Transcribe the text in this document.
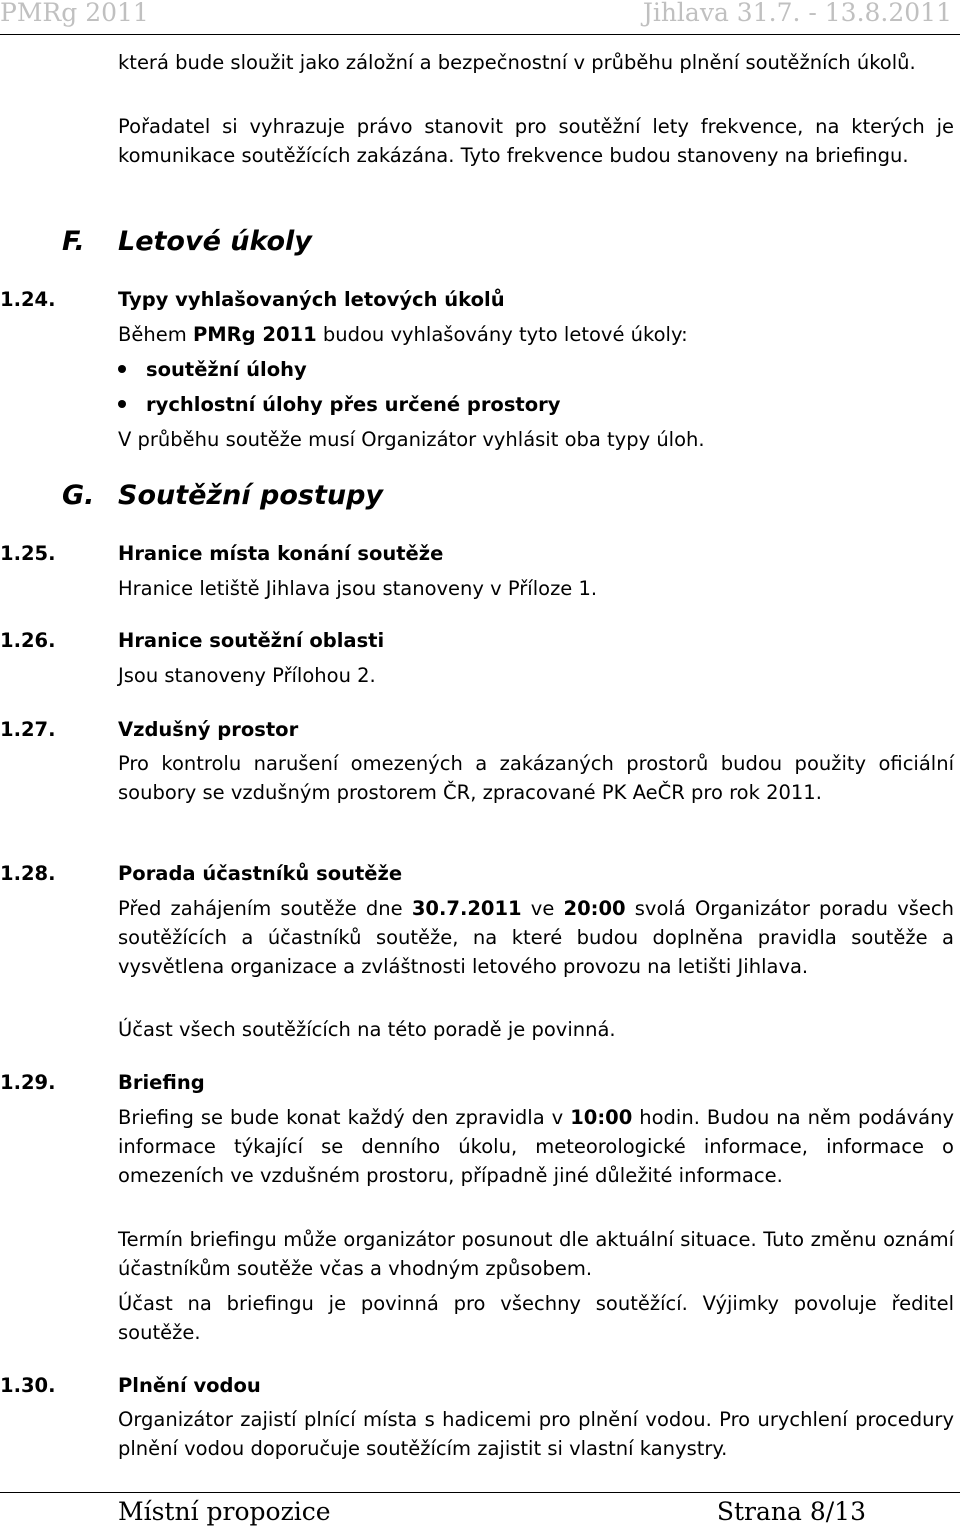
PMRg 2011	Jihlava 31.7. - 13.8.2011
která bude sloužit jako záložní a bezpečnostní v průběhu plnění soutěžních úkolů.
Pořadatel si vyhrazuje právo stanovit pro soutěžní lety frekvence, na kterých je komunikace soutěžících zakázána. Tyto frekvence budou stanoveny na briefingu.
F. Letové úkoly
1.24.	Typy vyhlašovaných letových úkolů
Během PMRg 2011 budou vyhlašovány tyto letové úkoly:
soutěžní úlohy
rychlostní úlohy přes určené prostory
V průběhu soutěže musí Organizátor vyhlásit oba typy úloh.
G. Soutěžní postupy
1.25.	Hranice místa konání soutěže
Hranice letiště Jihlava jsou stanoveny v Příloze 1.
1.26.	Hranice soutěžní oblasti
Jsou stanoveny Přílohou 2.
1.27.	Vzdušný prostor
Pro kontrolu narušení omezených a zakázaných prostorů budou použity oficiální soubory se vzdušným prostorem ČR, zpracované PK AeČR pro rok 2011.
1.28.	Porada účastníků soutěže
Před zahájením soutěže dne 30.7.2011 ve 20:00 svolá Organizátor poradu všech soutěžících a účastníků soutěže, na které budou doplněna pravidla soutěže a vysvětlena organizace a zvláštnosti letového provozu na letišti Jihlava.
Účast všech soutěžících na této poradě je povinná.
1.29.	Briefing
Briefing se bude konat každý den zpravidla v 10:00 hodin. Budou na něm podávány informace týkající se denního úkolu, meteorologické informace, informace o omezeních ve vzdušném prostoru, případně jiné důležité informace.
Termín briefingu může organizátor posunout dle aktuální situace. Tuto změnu oznámí účastníkům soutěže včas a vhodným způsobem.
Účast na briefingu je povinná pro všechny soutěžící. Výjimky povoluje ředitel soutěže.
1.30.	Plnění vodou
Organizátor zajistí plnící místa s hadicemi pro plnění vodou. Pro urychlení procedury plnění vodou doporučuje soutěžícím zajistit si vlastní kanystry.
Místní propozice	Strana 8/13
